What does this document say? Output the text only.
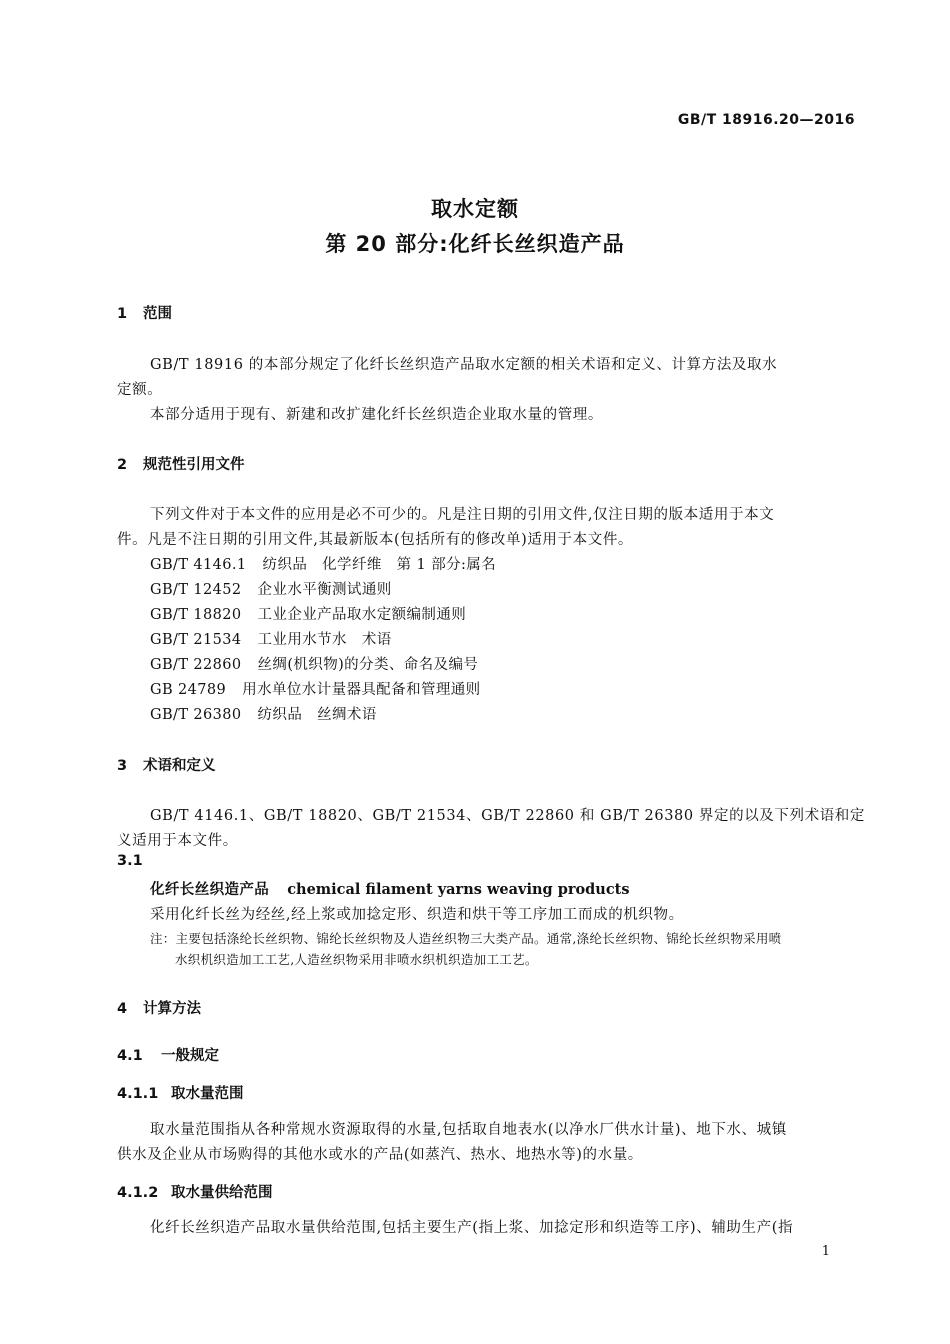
GB/T 18916.20—2016
取水定额
第 20 部分:化纤长丝织造产品
1 范围
GB/T 18916 的本部分规定了化纤长丝织造产品取水定额的相关术语和定义、计算方法及取水
定额。
本部分适用于现有、新建和改扩建化纤长丝织造企业取水量的管理。
2 规范性引用文件
下列文件对于本文件的应用是必不可少的。凡是注日期的引用文件,仅注日期的版本适用于本文
件。凡是不注日期的引用文件,其最新版本(包括所有的修改单)适用于本文件。
GB/T 4146.1 纺织品　化学纤维　第 1 部分:属名
GB/T 12452 企业水平衡测试通则
GB/T 18820 工业企业产品取水定额编制通则
GB/T 21534 工业用水节水　术语
GB/T 22860 丝绸(机织物)的分类、命名及编号
GB 24789 用水单位水计量器具配备和管理通则
GB/T 26380 纺织品　丝绸术语
3 术语和定义
GB/T 4146.1、GB/T 18820、GB/T 21534、GB/T 22860 和 GB/T 26380 界定的以及下列术语和定
义适用于本文件。
3.1
化纤长丝织造产品 chemical filament yarns weaving products
采用化纤长丝为经丝,经上浆或加捻定形、织造和烘干等工序加工而成的机织物。
注：主要包括涤纶长丝织物、锦纶长丝织物及人造丝织物三大类产品。通常,涤纶长丝织物、锦纶长丝织物采用喷
水织机织造加工工艺,人造丝织物采用非喷水织机织造加工工艺。
4 计算方法
4.1 一般规定
4.1.1 取水量范围
取水量范围指从各种常规水资源取得的水量,包括取自地表水(以净水厂供水计量)、地下水、城镇
供水及企业从市场购得的其他水或水的产品(如蒸汽、热水、地热水等)的水量。
4.1.2 取水量供给范围
化纤长丝织造产品取水量供给范围,包括主要生产(指上浆、加捻定形和织造等工序)、辅助生产(指
1
